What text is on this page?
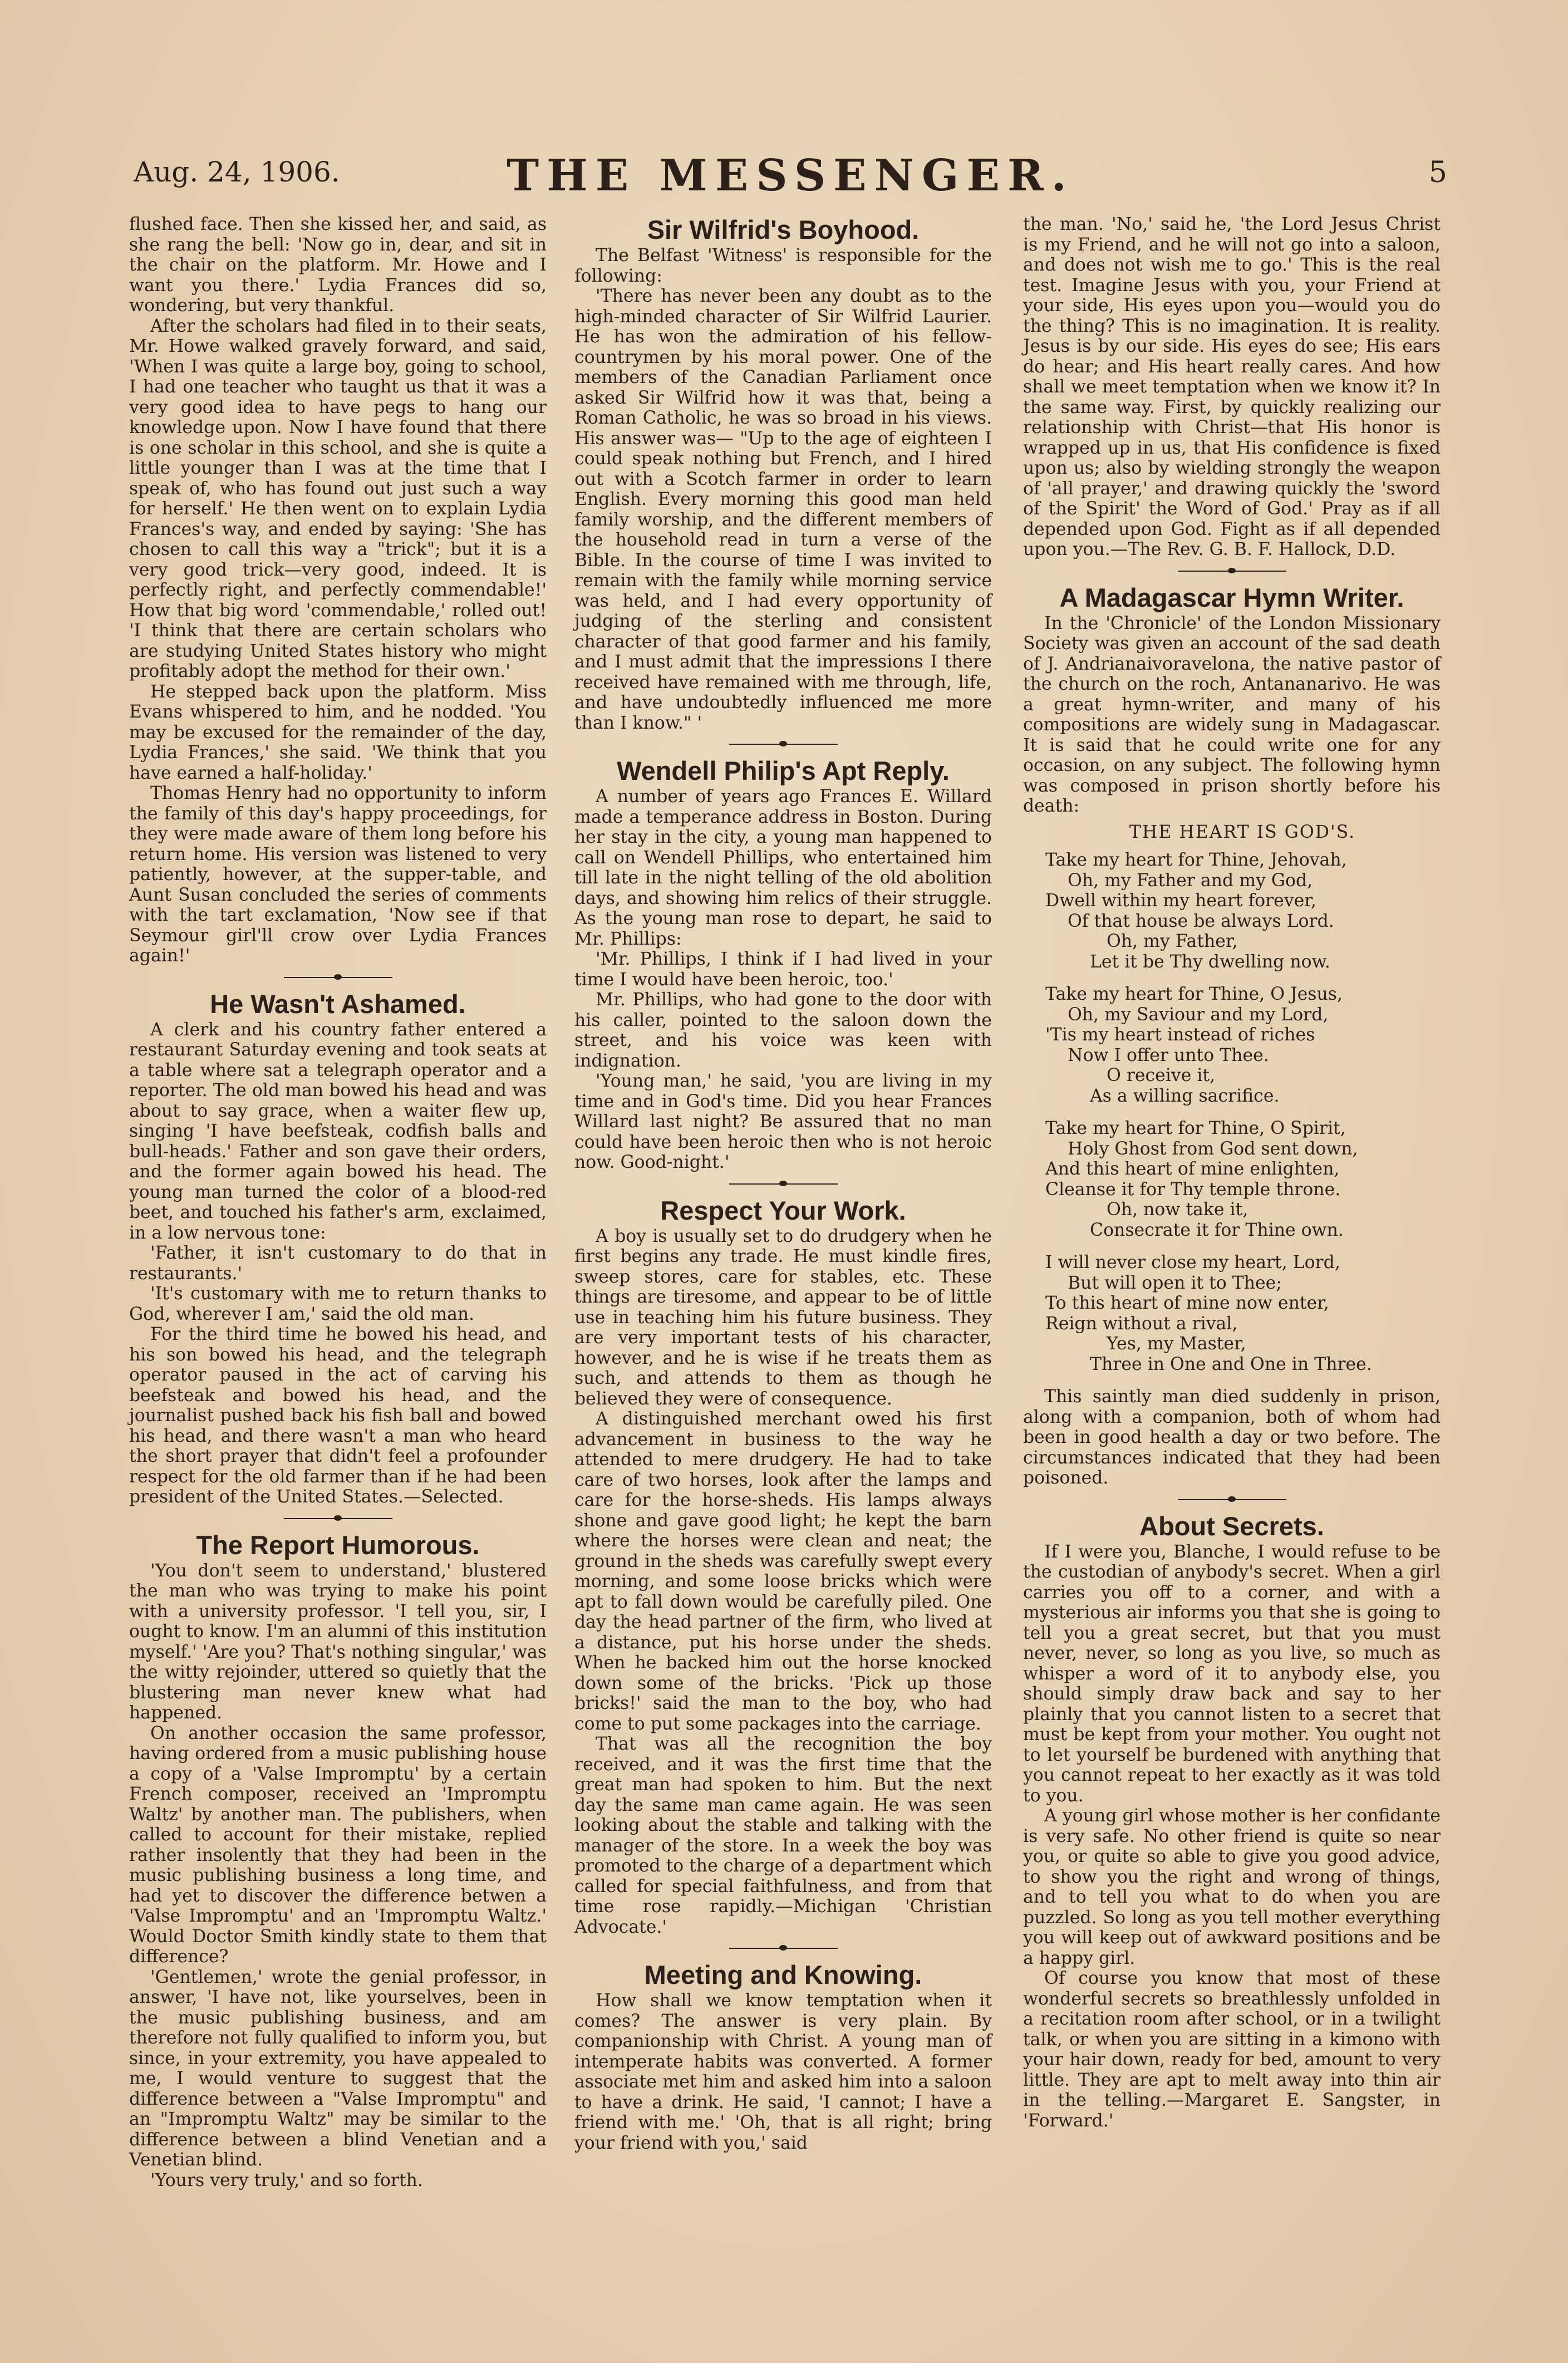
Aug. 24, 1906.	THE MESSENGER.	5

flushed face. Then she kissed her, and said, as she rang the bell: 'Now go in, dear, and sit in the chair on the platform. Mr. Howe and I want you there.' Lydia Frances did so, wondering, but very thankful.

After the scholars had filed in to their seats, Mr. Howe walked gravely forward, and said, 'When I was quite a large boy, going to school, I had one teacher who taught us that it was a very good idea to have pegs to hang our knowledge upon. Now I have found that there is one scholar in this school, and she is quite a little younger than I was at the time that I speak of, who has found out just such a way for herself.' He then went on to explain Lydia Frances's way, and ended by saying: 'She has chosen to call this way a "trick"; but it is a very good trick—very good, indeed. It is perfectly right, and perfectly commendable!' How that big word 'commendable,' rolled out! 'I think that there are certain scholars who are studying United States history who might profitably adopt the method for their own.'

He stepped back upon the platform. Miss Evans whispered to him, and he nodded. 'You may be excused for the remainder of the day, Lydia Frances,' she said. 'We think that you have earned a half-holiday.'

Thomas Henry had no opportunity to inform the family of this day's happy proceedings, for they were made aware of them long before his return home. His version was listened to very patiently, however, at the supper-table, and Aunt Susan concluded the series of comments with the tart exclamation, 'Now see if that Seymour girl'll crow over Lydia Frances again!'

He Wasn't Ashamed.

A clerk and his country father entered a restaurant Saturday evening and took seats at a table where sat a telegraph operator and a reporter. The old man bowed his head and was about to say grace, when a waiter flew up, singing 'I have beefsteak, codfish balls and bull-heads.' Father and son gave their orders, and the former again bowed his head. The young man turned the color of a blood-red beet, and touched his father's arm, exclaimed, in a low nervous tone:

'Father, it isn't customary to do that in restaurants.'

'It's customary with me to return thanks to God, wherever I am,' said the old man.

For the third time he bowed his head, and his son bowed his head, and the telegraph operator paused in the act of carving his beefsteak and bowed his head, and the journalist pushed back his fish ball and bowed his head, and there wasn't a man who heard the short prayer that didn't feel a profounder respect for the old farmer than if he had been president of the United States.—Selected.

The Report Humorous.

'You don't seem to understand,' blustered the man who was trying to make his point with a university professor. 'I tell you, sir, I ought to know. I'm an alumni of this institution myself.' 'Are you? That's nothing singular,' was the witty rejoinder, uttered so quietly that the blustering man never knew what had happened.

On another occasion the same professor, having ordered from a music publishing house a copy of a 'Valse Impromptu' by a certain French composer, received an 'Impromptu Waltz' by another man. The publishers, when called to account for their mistake, replied rather insolently that they had been in the music publishing business a long time, and had yet to discover the difference betwen a 'Valse Impromptu' and an 'Impromptu Waltz.' Would Doctor Smith kindly state to them that difference?

'Gentlemen,' wrote the genial professor, in answer, 'I have not, like yourselves, been in the music publishing business, and am therefore not fully qualified to inform you, but since, in your extremity, you have appealed to me, I would venture to suggest that the difference between a "Valse Impromptu" and an "Impromptu Waltz" may be similar to the difference between a blind Venetian and a Venetian blind.

'Yours very truly,' and so forth.

Sir Wilfrid's Boyhood.

The Belfast 'Witness' is responsible for the following:

'There has never been any doubt as to the high-minded character of Sir Wilfrid Laurier. He has won the admiration of his fellow-countrymen by his moral power. One of the members of the Canadian Parliament once asked Sir Wilfrid how it was that, being a Roman Catholic, he was so broad in his views. His answer was— "Up to the age of eighteen I could speak nothing but French, and I hired out with a Scotch farmer in order to learn English. Every morning this good man held family worship, and the different members of the household read in turn a verse of the Bible. In the course of time I was invited to remain with the family while morning service was held, and I had every opportunity of judging of the sterling and consistent character of that good farmer and his family, and I must admit that the impressions I there received have remained with me through, life, and have undoubtedly influenced me more than I know." '

Wendell Philip's Apt Reply.

A number of years ago Frances E. Willard made a temperance address in Boston. During her stay in the city, a young man happened to call on Wendell Phillips, who entertained him till late in the night telling of the old abolition days, and showing him relics of their struggle. As the young man rose to depart, he said to Mr. Phillips:

'Mr. Phillips, I think if I had lived in your time I would have been heroic, too.'

Mr. Phillips, who had gone to the door with his caller, pointed to the saloon down the street, and his voice was keen with indignation.

'Young man,' he said, 'you are living in my time and in God's time. Did you hear Frances Willard last night? Be assured that no man could have been heroic then who is not heroic now. Good-night.'

Respect Your Work.

A boy is usually set to do drudgery when he first begins any trade. He must kindle fires, sweep stores, care for stables, etc. These things are tiresome, and appear to be of little use in teaching him his future business. They are very important tests of his character, however, and he is wise if he treats them as such, and attends to them as though he believed they were of consequence.

A distinguished merchant owed his first advancement in business to the way he attended to mere drudgery. He had to take care of two horses, look after the lamps and care for the horse-sheds. His lamps always shone and gave good light; he kept the barn where the horses were clean and neat; the ground in the sheds was carefully swept every morning, and some loose bricks which were apt to fall down would be carefully piled. One day the head partner of the firm, who lived at a distance, put his horse under the sheds. When he backed him out the horse knocked down some of the bricks. 'Pick up those bricks!' said the man to the boy, who had come to put some packages into the carriage.

That was all the recognition the boy received, and it was the first time that the great man had spoken to him. But the next day the same man came again. He was seen looking about the stable and talking with the manager of the store. In a week the boy was promoted to the charge of a department which called for special faithfulness, and from that time rose rapidly.—Michigan 'Christian Advocate.'

Meeting and Knowing.

How shall we know temptation when it comes? The answer is very plain. By companionship with Christ. A young man of intemperate habits was converted. A former associate met him and asked him into a saloon to have a drink. He said, 'I cannot; I have a friend with me.' 'Oh, that is all right; bring your friend with you,' said

the man. 'No,' said he, 'the Lord Jesus Christ is my Friend, and he will not go into a saloon, and does not wish me to go.' This is the real test. Imagine Jesus with you, your Friend at your side, His eyes upon you—would you do the thing? This is no imagination. It is reality. Jesus is by our side. His eyes do see; His ears do hear; and His heart really cares. And how shall we meet temptation when we know it? In the same way. First, by quickly realizing our relationship with Christ—that His honor is wrapped up in us, that His confidence is fixed upon us; also by wielding strongly the weapon of 'all prayer,' and drawing quickly the 'sword of the Spirit' the Word of God.' Pray as if all depended upon God. Fight as if all depended upon you.—The Rev. G. B. F. Hallock, D.D.

A Madagascar Hymn Writer.

In the 'Chronicle' of the London Missionary Society was given an account of the sad death of J. Andrianaivoravelona, the native pastor of the church on the roch, Antananarivo. He was a great hymn-writer, and many of his compositions are widely sung in Madagascar. It is said that he could write one for any occasion, on any subject. The following hymn was composed in prison shortly before his death:

THE HEART IS GOD'S.

Take my heart for Thine, Jehovah,
Oh, my Father and my God,
Dwell within my heart forever,
Of that house be always Lord.
Oh, my Father,
Let it be Thy dwelling now.
Take my heart for Thine, O Jesus,
Oh, my Saviour and my Lord,
'Tis my heart instead of riches
Now I offer unto Thee.
O receive it,
As a willing sacrifice.
Take my heart for Thine, O Spirit,
Holy Ghost from God sent down,
And this heart of mine enlighten,
Cleanse it for Thy temple throne.
Oh, now take it,
Consecrate it for Thine own.
I will never close my heart, Lord,
But will open it to Thee;
To this heart of mine now enter,
Reign without a rival,
Yes, my Master,
Three in One and One in Three.

This saintly man died suddenly in prison, along with a companion, both of whom had been in good health a day or two before. The circumstances indicated that they had been poisoned.

About Secrets.

If I were you, Blanche, I would refuse to be the custodian of anybody's secret. When a girl carries you off to a corner, and with a mysterious air informs you that she is going to tell you a great secret, but that you must never, never, so long as you live, so much as whisper a word of it to anybody else, you should simply draw back and say to her plainly that you cannot listen to a secret that must be kept from your mother. You ought not to let yourself be burdened with anything that you cannot repeat to her exactly as it was told to you.

A young girl whose mother is her confidante is very safe. No other friend is quite so near you, or quite so able to give you good advice, to show you the right and wrong of things, and to tell you what to do when you are puzzled. So long as you tell mother everything you will keep out of awkward positions and be a happy girl.

Of course you know that most of these wonderful secrets so breathlessly unfolded in a recitation room after school, or in a twilight talk, or when you are sitting in a kimono with your hair down, ready for bed, amount to very little. They are apt to melt away into thin air in the telling.—Margaret E. Sangster, in 'Forward.'
